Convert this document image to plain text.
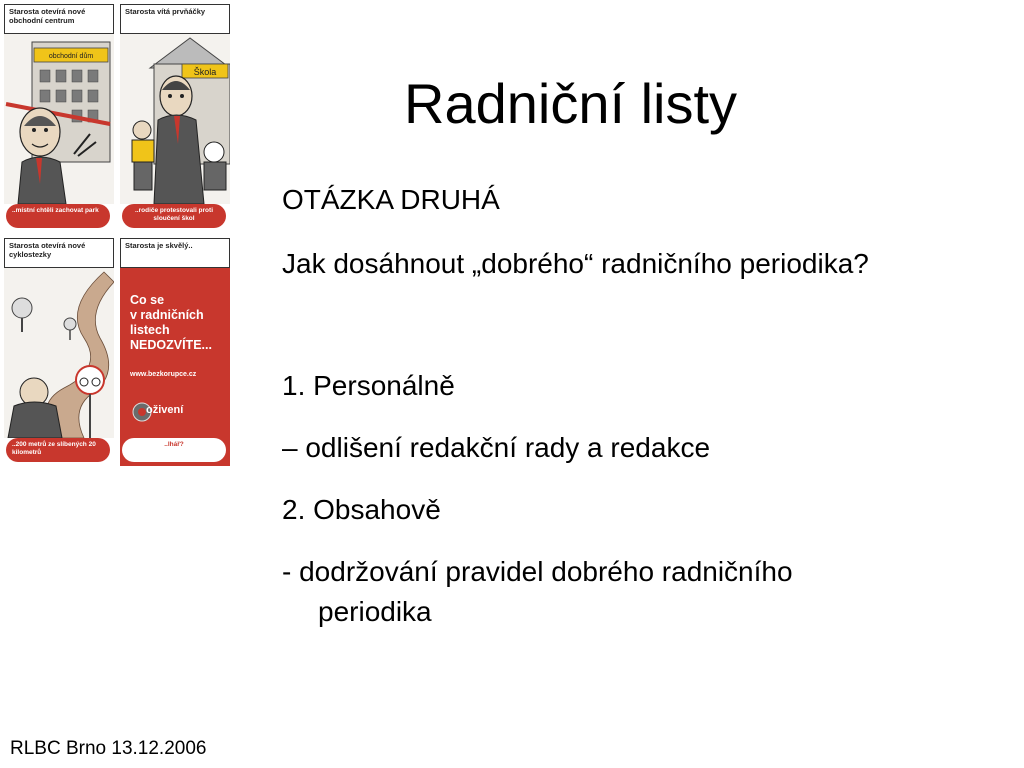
Starosta otevírá nové obchodní centrum
obchodní dům
..místní chtěli zachovat park
Starosta vítá prvňáčky
Škola
..rodiče protestovali proti sloučení škol
Starosta otevírá nové cyklostezky
..200 metrů ze slíbených 20 kilometrů
Starosta je skvělý..
Co se
v radničních
listech
NEDOZVÍTE...
www.bezkorupce.cz
oživení
..lhář?
Radniční listy
OTÁZKA DRUHÁ
Jak dosáhnout „dobrého“ radničního periodika?
1. Personálně
– odlišení redakční rady a redakce
2. Obsahově
- dodržování pravidel dobrého radničního
periodika
RLBC Brno 13.12.2006
